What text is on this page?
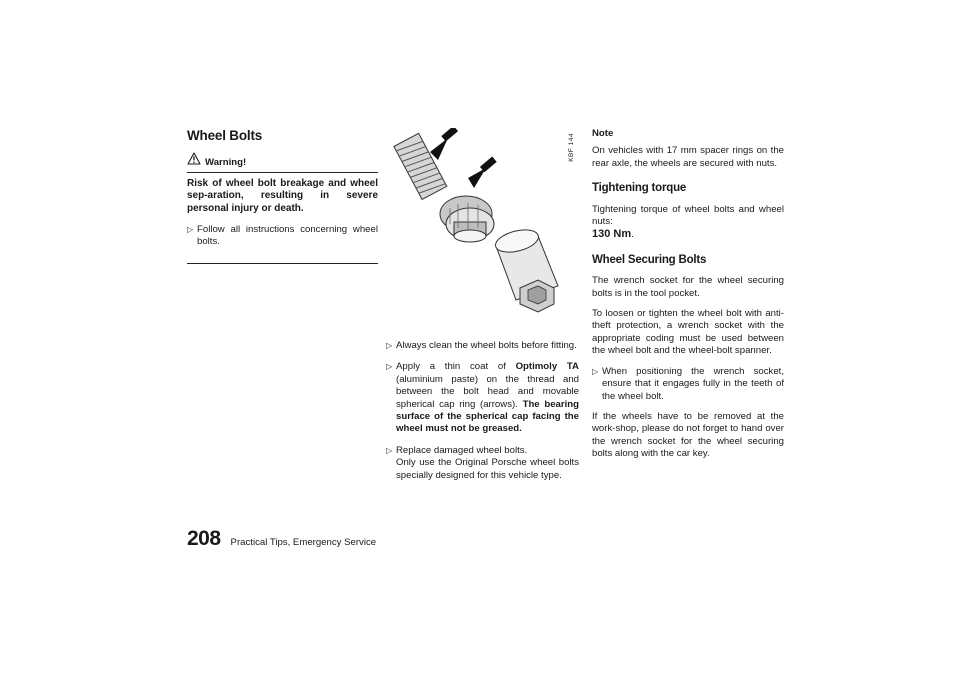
Wheel Bolts
Warning!
Risk of wheel bolt breakage and wheel sep-aration, resulting in severe personal injury or death.
▷ Follow all instructions concerning wheel bolts.
KBF 144
▷ Always clean the wheel bolts before fitting.
▷ Apply a thin coat of Optimoly TA (aluminium paste) on the thread and between the bolt head and movable spherical cap ring (arrows). The bearing surface of the spherical cap facing the wheel must not be greased.
▷ Replace damaged wheel bolts.
Only use the Original Porsche wheel bolts specially designed for this vehicle type.
Note

On vehicles with 17 mm spacer rings on the rear axle, the wheels are secured with nuts.

Tightening torque

Tightening torque of wheel bolts and wheel nuts:
130 Nm.

Wheel Securing Bolts

The wrench socket for the wheel securing bolts is in the tool pocket.

To loosen or tighten the wheel bolt with anti-theft protection, a wrench socket with the appropriate coding must be used between the wheel bolt and the wheel-bolt spanner.

▷ When positioning the wrench socket, ensure that it engages fully in the teeth of the wheel bolt.

If the wheels have to be removed at the work-shop, please do not forget to hand over the wrench socket for the wheel securing bolts along with the car key.

208 Practical Tips, Emergency Service
